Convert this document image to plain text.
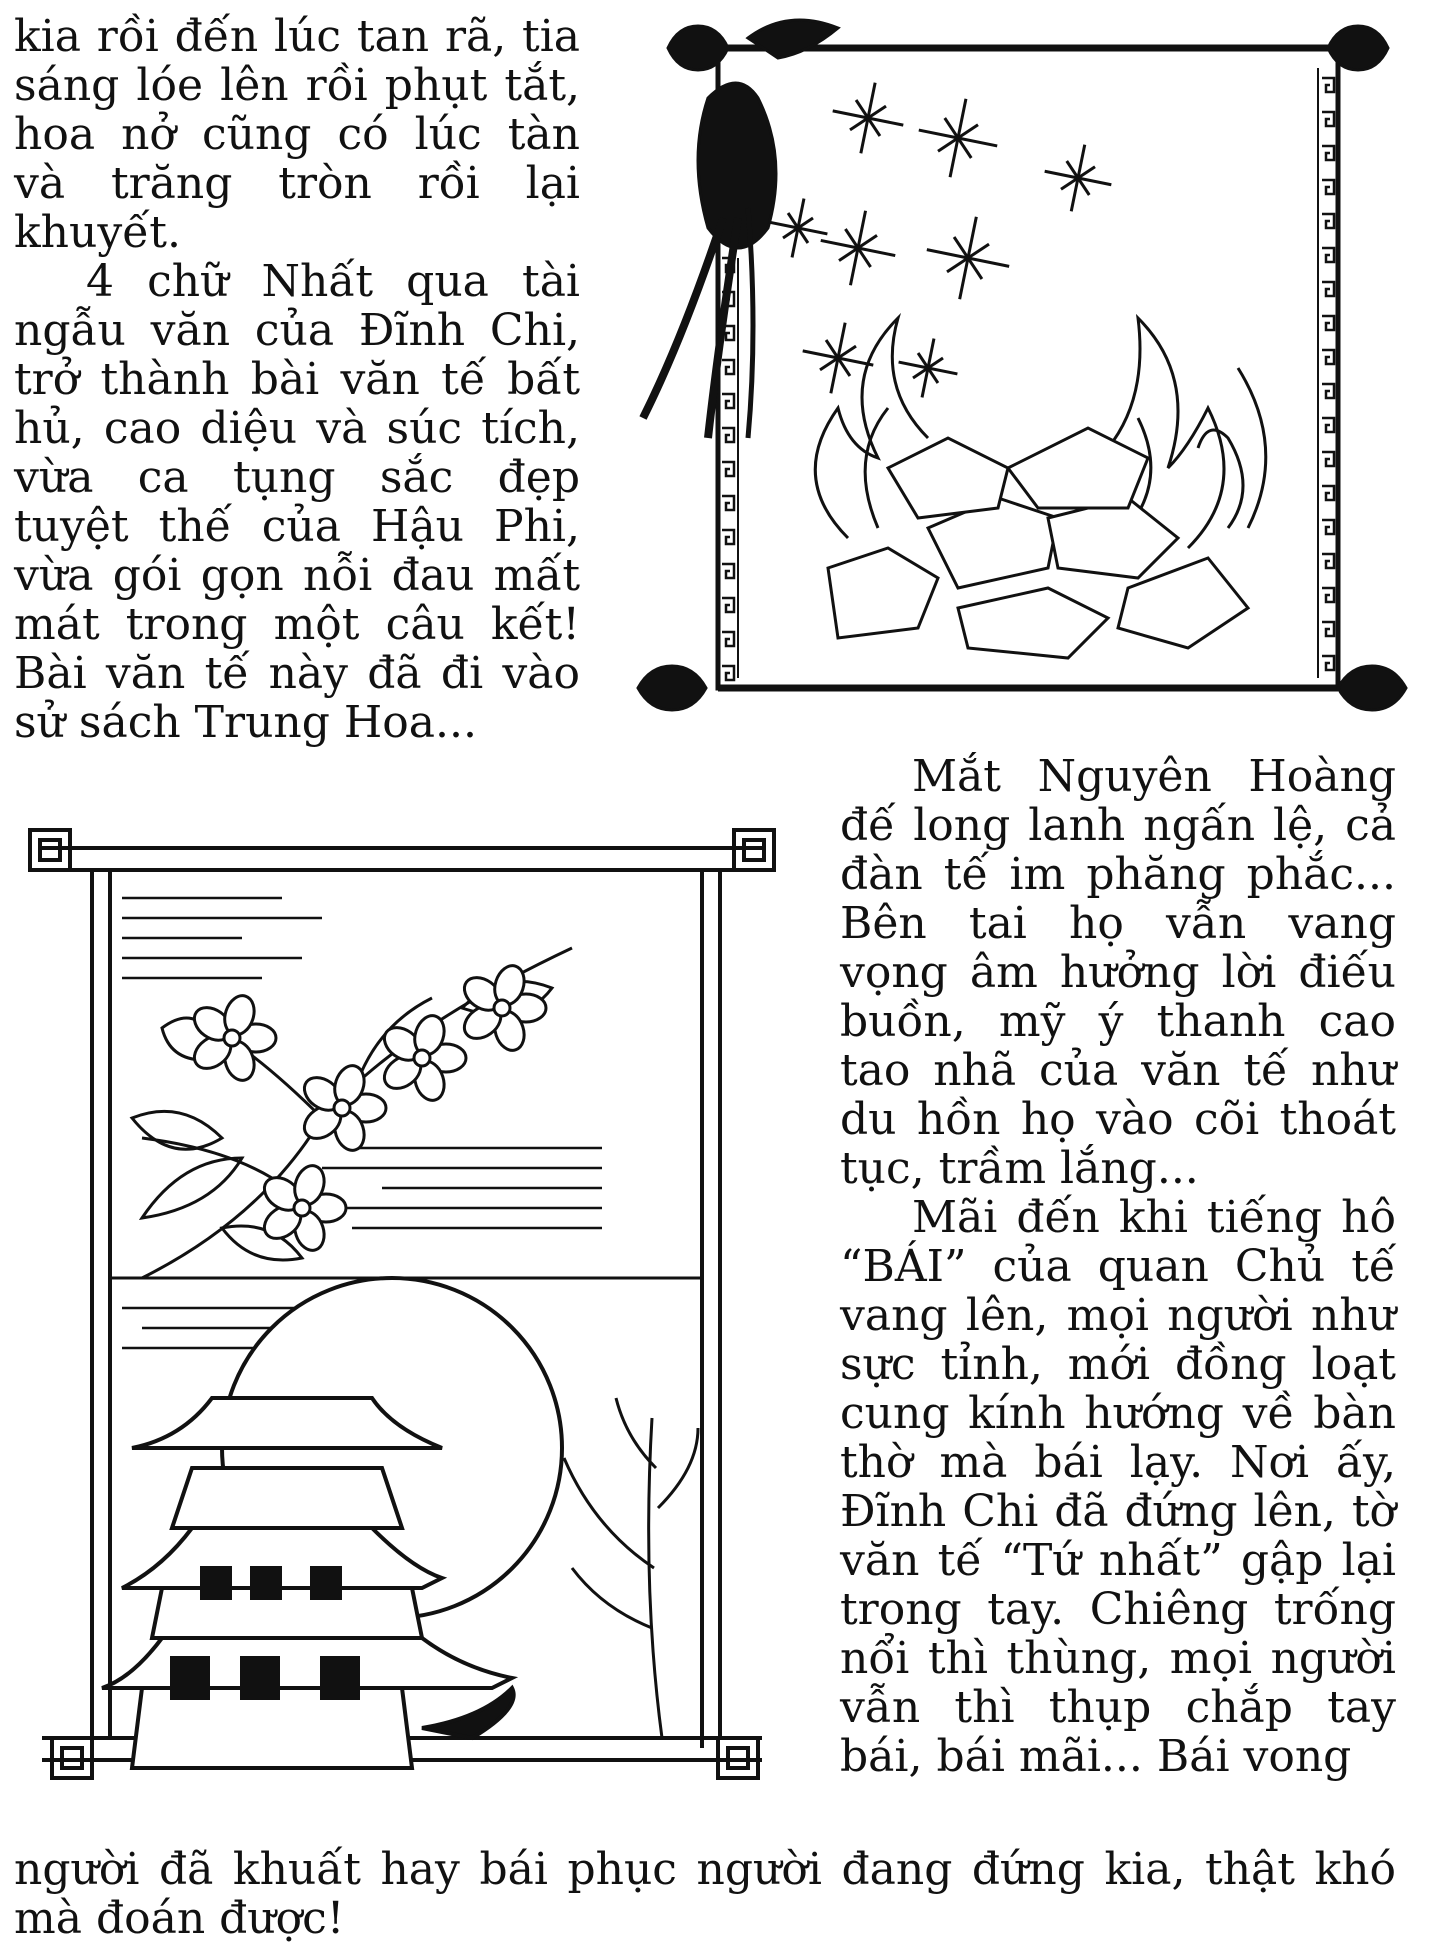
kia rồi đến lúc tan rã, tia sáng lóe lên rồi phụt tắt, hoa nở cũng có lúc tàn và trăng tròn rồi lại khuyết.

4 chữ Nhất qua tài ngẫu văn của Đĩnh Chi, trở thành bài văn tế bất hủ, cao diệu và súc tích, vừa ca tụng sắc đẹp tuyệt thế của Hậu Phi, vừa gói gọn nỗi đau mất mát trong một câu kết! Bài văn tế này đã đi vào sử sách Trung Hoa...

Mắt Nguyên Hoàng đế long lanh ngấn lệ, cả đàn tế im phăng phắc... Bên tai họ vẫn vang vọng âm hưởng lời điếu buồn, mỹ ý thanh cao tao nhã của văn tế như du hồn họ vào cõi thoát tục, trầm lắng...

Mãi đến khi tiếng hô “BÁI” của quan Chủ tế vang lên, mọi người như sực tỉnh, mới đồng loạt cung kính hướng về bàn thờ mà bái lạy. Nơi ấy, Đĩnh Chi đã đứng lên, tờ văn tế “Tứ nhất” gập lại trong tay. Chiêng trống nổi thì thùng, mọi người vẫn thì thụp chắp tay bái, bái mãi... Bái vong

người đã khuất hay bái phục người đang đứng kia, thật khó mà đoán được!
